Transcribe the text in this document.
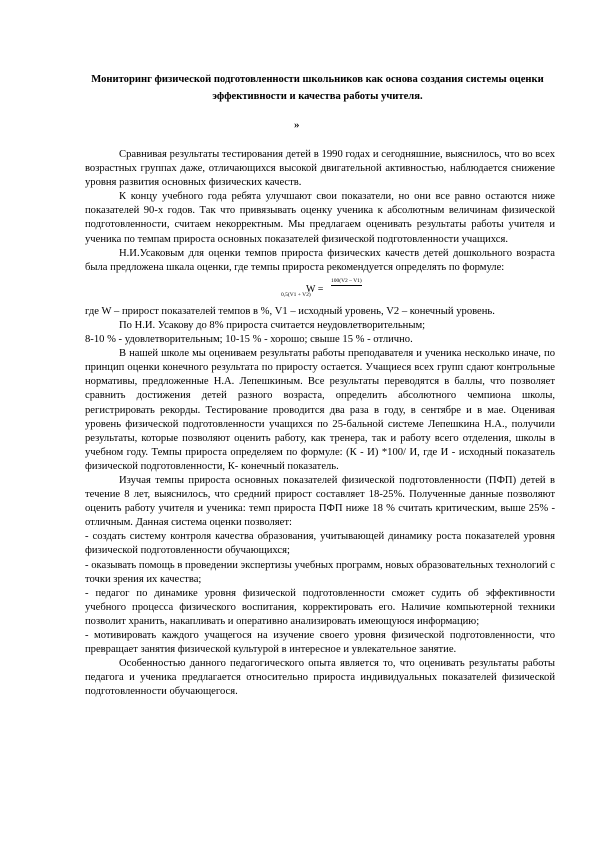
Мониторинг физической подготовленности школьников как основа создания системы оценки эффективности и качества работы учителя.
»

Сравнивая результаты тестирования детей в 1990 годах и сегодняшние, выяснилось, что во всех возрастных группах даже, отличающихся высокой двигательной активностью, наблюдается снижение уровня развития основных физических качеств.

К концу учебного года ребята улучшают свои показатели, но они все равно остаются ниже показателей 90-х годов. Так что привязывать оценку ученика к абсолютным величинам физической подготовленности, считаем некорректным. Мы предлагаем оценивать результаты работы учителя и ученика по темпам прироста основных показателей физической подготовленности учащихся.

Н.И.Усаковым для оценки темпов прироста физических качеств детей дошкольного возраста была предложена шкала оценки, где темпы прироста рекомендуется определять по формуле:

W =
100(V2 – V1)
0,5(V1 + V2)

где W – прирост показателей темпов в %, V1 – исходный уровень, V2 – конечный уровень.

По Н.И. Усакову до 8% прироста считается неудовлетворительным;

8-10 % - удовлетворительным; 10-15 % - хорошо; свыше 15 % - отлично.

В нашей школе мы оцениваем результаты работы преподавателя и ученика несколько иначе, по принцип оценки конечного результата по приросту остается. Учащиеся всех групп сдают контрольные нормативы, предложенные Н.А. Лепешкиным. Все результаты переводятся в баллы, что позволяет сравнить достижения детей разного возраста, определить абсолютного чемпиона школы, регистрировать рекорды. Тестирование проводится два раза в году, в сентябре и в мае. Оценивая уровень физической подготовленности учащихся по 25-бальной системе Лепешкина Н.А., получили результаты, которые позволяют оценить работу, как тренера, так и работу всего отделения, школы в учебном году. Темпы прироста определяем по формуле: (К - И) *100/ И, где И - исходный показатель физической подготовленности, К- конечный показатель.

Изучая темпы прироста основных показателей физической подготовленности (ПФП) детей в течение 8 лет, выяснилось, что средний прирост составляет 18-25%. Полученные данные позволяют оценить работу учителя и ученика: темп прироста ПФП ниже 18 % считать критическим, выше 25% - отличным. Данная система оценки позволяет:

- создать систему контроля качества образования, учитывающей динамику роста показателей уровня физической подготовленности обучающихся;

- оказывать помощь в проведении экспертизы учебных программ, новых образовательных технологий с точки зрения их качества;

- педагог по динамике уровня физической подготовленности сможет судить об эффективности учебного процесса физического воспитания, корректировать его. Наличие компьютерной техники позволит хранить, накапливать и оперативно анализировать имеющуюся информацию;

- мотивировать каждого учащегося на изучение своего уровня физической подготовленности, что превращает занятия физической культурой в интересное и увлекательное занятие.

Особенностью данного педагогического опыта является то, что оценивать результаты работы педагога и ученика предлагается относительно прироста индивидуальных показателей физической подготовленности обучающегося.
